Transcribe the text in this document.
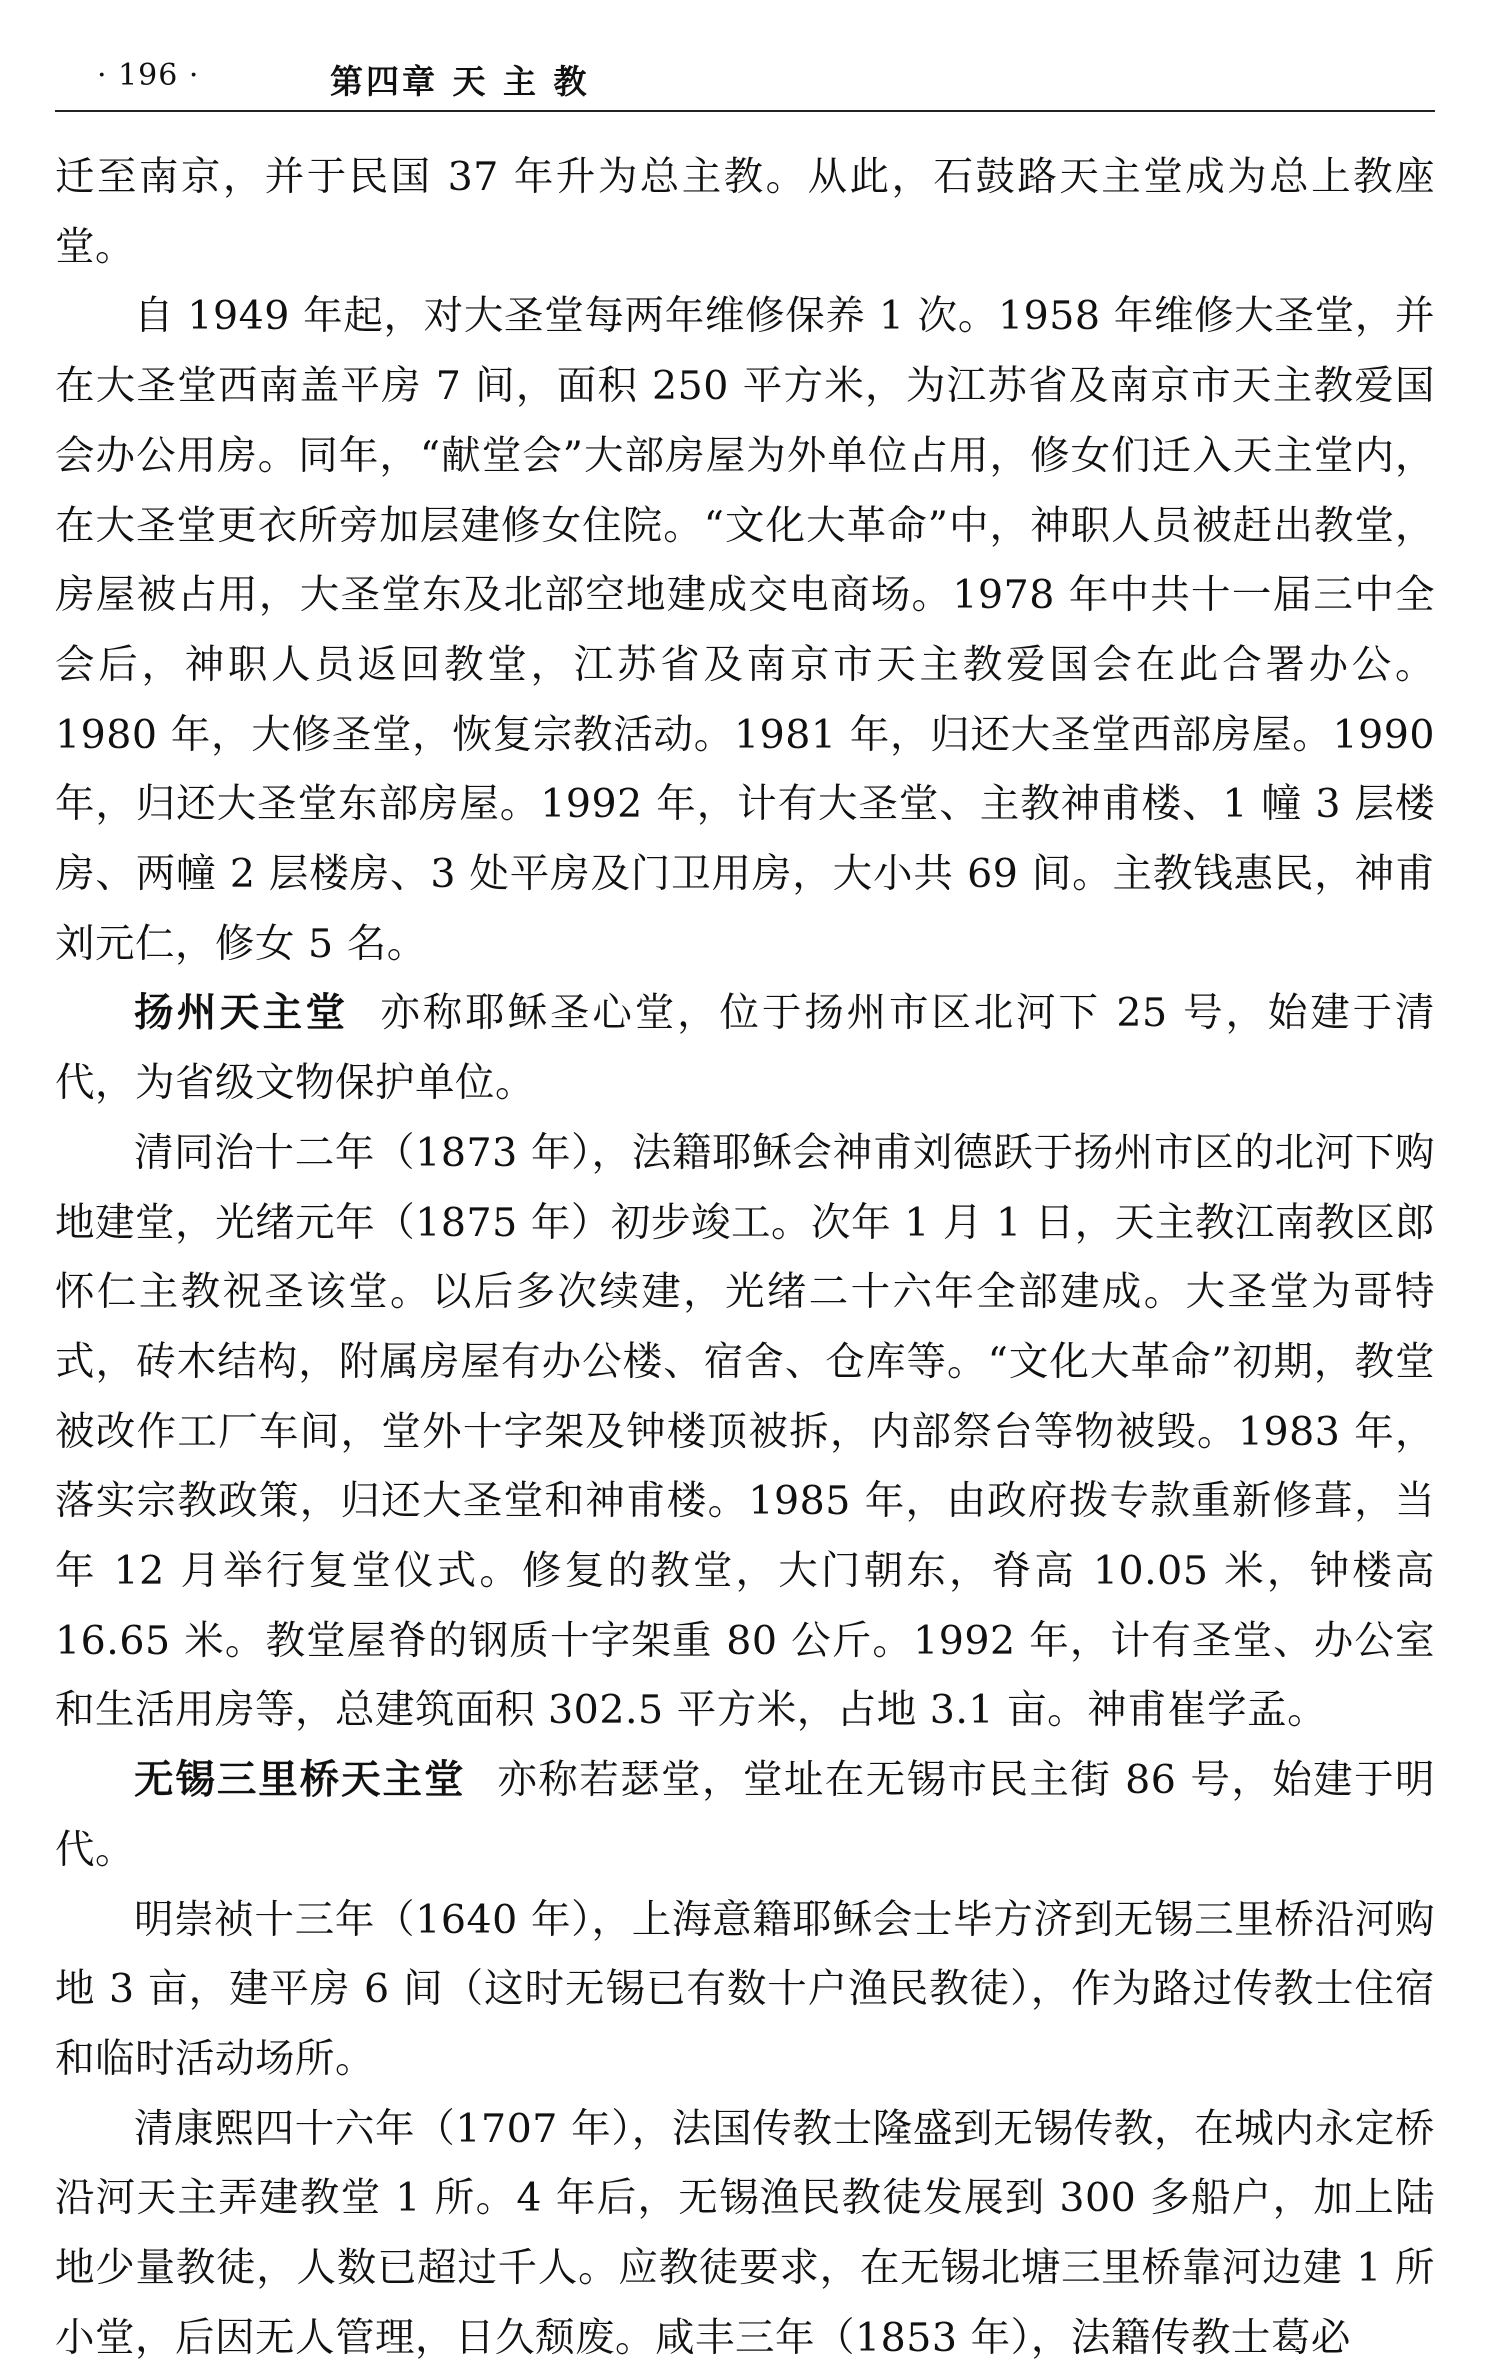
· 196 ·	第四章 天 主 教

迁至南京，并于民国 37 年升为总主教。从此，石鼓路天主堂成为总上教座堂。

自 1949 年起，对大圣堂每两年维修保养 1 次。1958 年维修大圣堂，并在大圣堂西南盖平房 7 间，面积 250 平方米，为江苏省及南京市天主教爱国会办公用房。同年，“献堂会”大部房屋为外单位占用，修女们迁入天主堂内，在大圣堂更衣所旁加层建修女住院。“文化大革命”中，神职人员被赶出教堂，房屋被占用，大圣堂东及北部空地建成交电商场。1978 年中共十一届三中全会后，神职人员返回教堂，江苏省及南京市天主教爱国会在此合署办公。1980 年，大修圣堂，恢复宗教活动。1981 年，归还大圣堂西部房屋。1990 年，归还大圣堂东部房屋。1992 年，计有大圣堂、主教神甫楼、1 幢 3 层楼房、两幢 2 层楼房、3 处平房及门卫用房，大小共 69 间。主教钱惠民，神甫刘元仁，修女 5 名。

扬州天主堂 亦称耶稣圣心堂，位于扬州市区北河下 25 号，始建于清代，为省级文物保护单位。

清同治十二年（1873 年），法籍耶稣会神甫刘德跃于扬州市区的北河下购地建堂，光绪元年（1875 年）初步竣工。次年 1 月 1 日，天主教江南教区郎怀仁主教祝圣该堂。以后多次续建，光绪二十六年全部建成。大圣堂为哥特式，砖木结构，附属房屋有办公楼、宿舍、仓库等。“文化大革命”初期，教堂被改作工厂车间，堂外十字架及钟楼顶被拆，内部祭台等物被毁。1983 年，落实宗教政策，归还大圣堂和神甫楼。1985 年，由政府拨专款重新修葺，当年 12 月举行复堂仪式。修复的教堂，大门朝东，脊高 10.05 米，钟楼高 16.65 米。教堂屋脊的钢质十字架重 80 公斤。1992 年，计有圣堂、办公室和生活用房等，总建筑面积 302.5 平方米，占地 3.1 亩。神甫崔学孟。

无锡三里桥天主堂 亦称若瑟堂，堂址在无锡市民主街 86 号，始建于明代。

明崇祯十三年（1640 年），上海意籍耶稣会士毕方济到无锡三里桥沿河购地 3 亩，建平房 6 间（这时无锡已有数十户渔民教徒），作为路过传教士住宿和临时活动场所。

清康熙四十六年（1707 年），法国传教士隆盛到无锡传教，在城内永定桥沿河天主弄建教堂 1 所。4 年后，无锡渔民教徒发展到 300 多船户，加上陆地少量教徒，人数已超过千人。应教徒要求，在无锡北塘三里桥靠河边建 1 所小堂，后因无人管理，日久颓废。咸丰三年（1853 年），法籍传教士葛必
